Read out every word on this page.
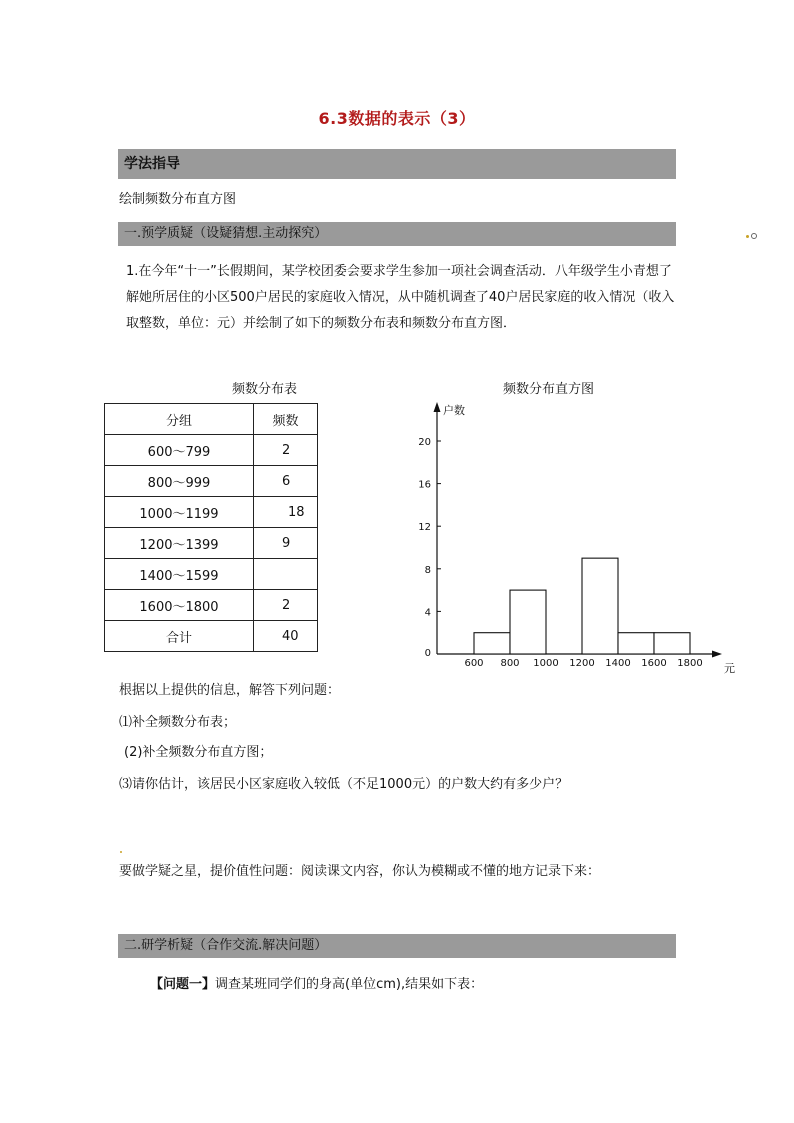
6.3数据的表示（3）
学法指导
绘制频数分布直方图
一.预学质疑（设疑猜想.主动探究）
1.在今年“十一”长假期间，某学校团委会要求学生参加一项社会调查活动．八年级学生小青想了解她所居住的小区500户居民的家庭收入情况，从中随机调查了40户居民家庭的收入情况（收入取整数，单位：元）并绘制了如下的频数分布表和频数分布直方图．
频数分布表
分组	频数
600～799	2
800～999	6
1000～1199	18
1200～1399	9
1400～1599	
1600～1800	2
合计	40
频数分布直方图
户数
元
0
4
8
12
16
20
600 800 1000 1200 1400 1600 1800
根据以上提供的信息，解答下列问题：
⑴补全频数分布表；
(2)补全频数分布直方图；
⑶请你估计，该居民小区家庭收入较低（不足1000元）的户数大约有多少户？
要做学疑之星，提价值性问题：阅读课文内容，你认为模糊或不懂的地方记录下来：
二.研学析疑（合作交流.解决问题）
【问题一】调查某班同学们的身高(单位cm),结果如下表：
